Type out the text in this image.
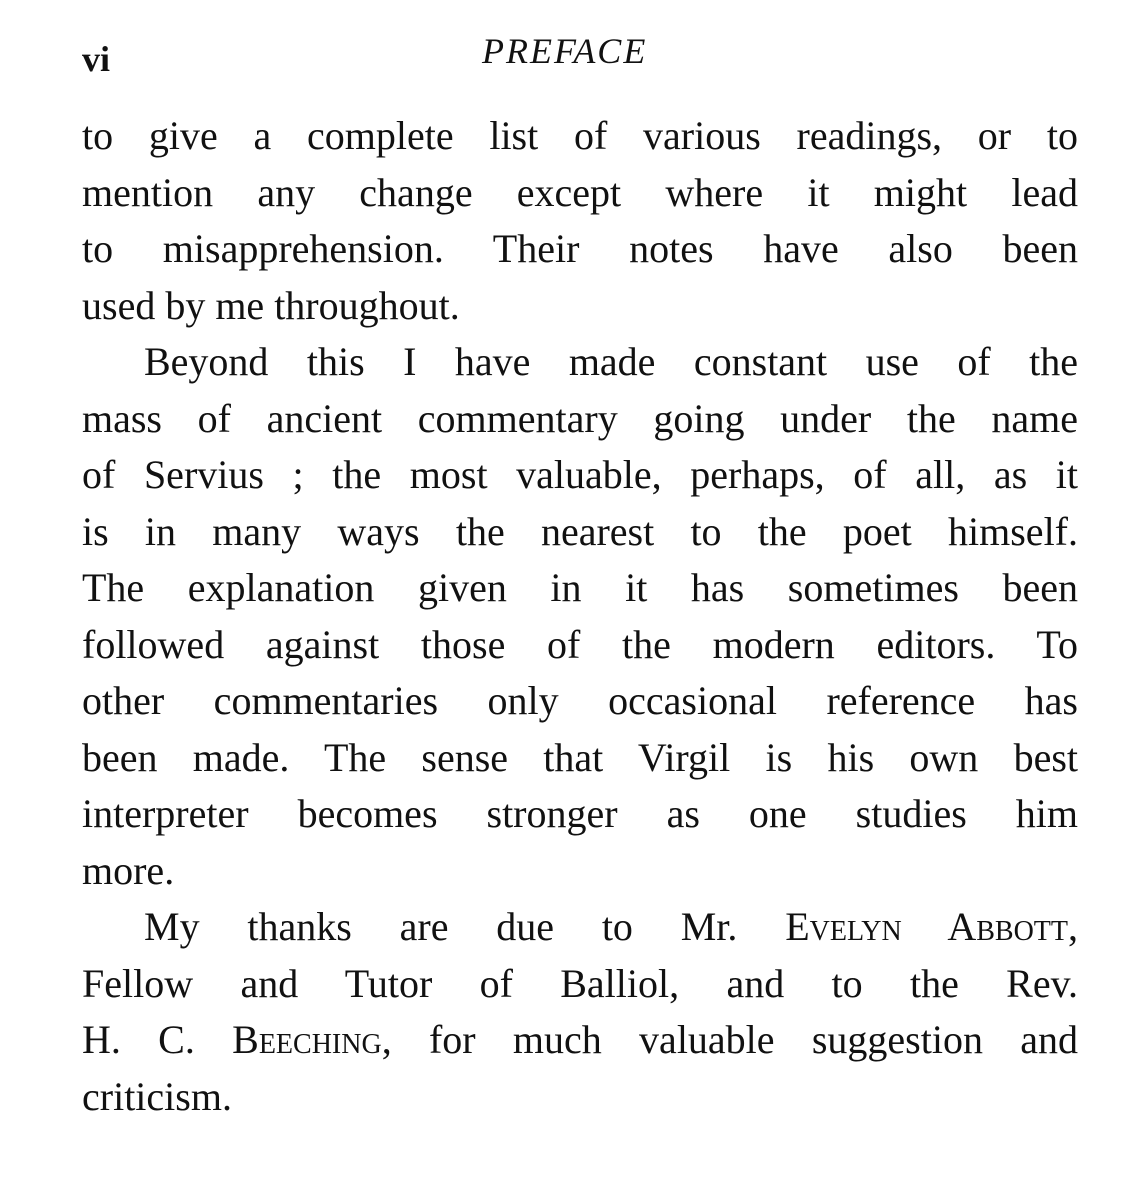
vi	PREFACE
to give a complete list of various readings, or to
mention any change except where it might lead
to misapprehension. Their notes have also been
used by me throughout.
Beyond this I have made constant use of the
mass of ancient commentary going under the name
of Servius ; the most valuable, perhaps, of all, as it
is in many ways the nearest to the poet himself.
The explanation given in it has sometimes been
followed against those of the modern editors. To
other commentaries only occasional reference has
been made. The sense that Virgil is his own best
interpreter becomes stronger as one studies him
more.
My thanks are due to Mr. Evelyn Abbott,
Fellow and Tutor of Balliol, and to the Rev.
H. C. Beeching, for much valuable suggestion and
criticism.
